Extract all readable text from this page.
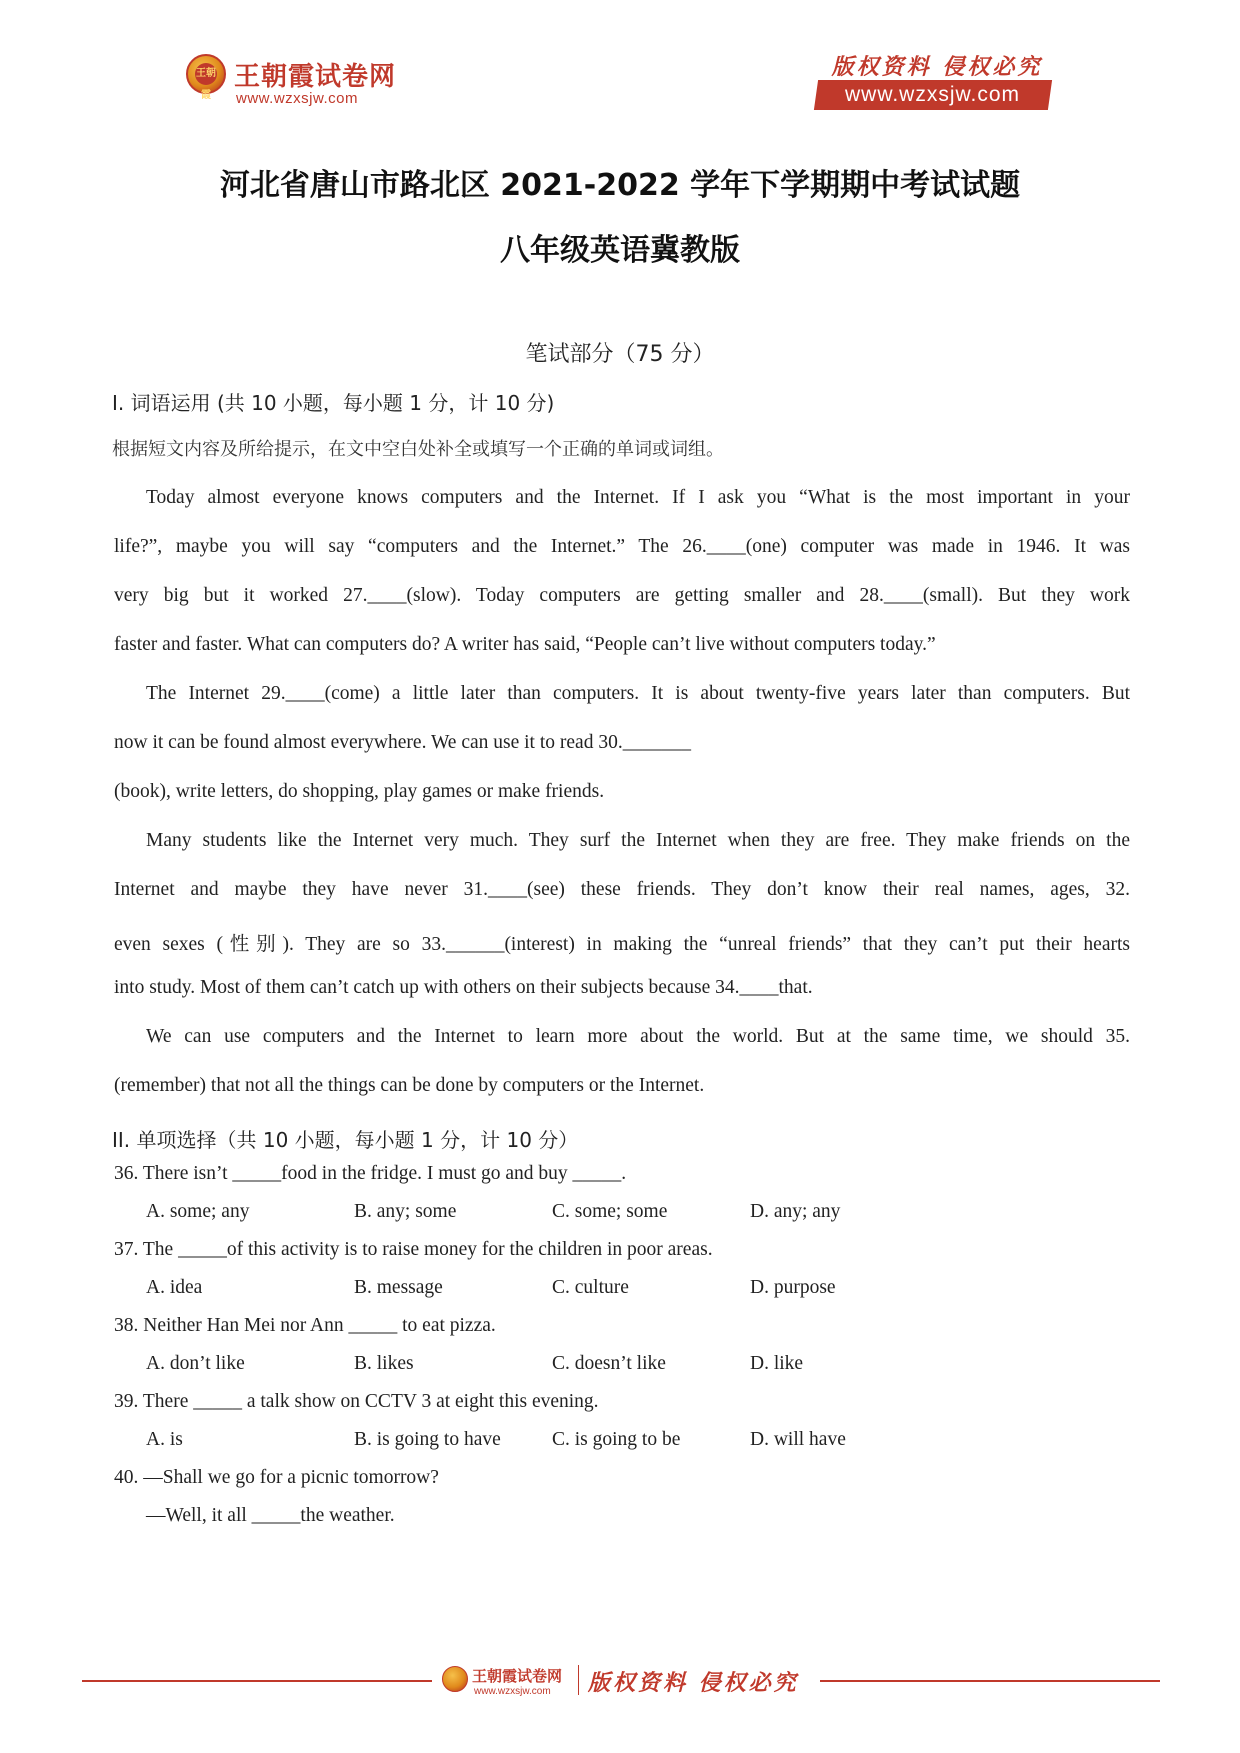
王朝霞
王朝霞试卷网
www.wzxsjw.com
版权资料 侵权必究
www.wzxsjw.com
河北省唐山市路北区 2021-2022 学年下学期期中考试试题
八年级英语冀教版
笔试部分（75 分）
I. 词语运用 (共 10 小题，每小题 1 分，计 10 分)
根据短文内容及所给提示，在文中空白处补全或填写一个正确的单词或词组。
Today almost everyone knows computers and the Internet. If I ask you “What is the most important in your
life?”, maybe you will say “computers and the Internet.” The 26.____(one) computer was made in 1946. It was
very big but it worked 27.____(slow). Today computers are getting smaller and 28.____(small). But they work
faster and faster. What can computers do? A writer has said, “People can’t live without computers today.”
The Internet 29.____(come) a little later than computers. It is about twenty-five years later than computers. But
now it can be found almost everywhere. We can use it to read 30._______
(book), write letters, do shopping, play games or make friends.
Many students like the Internet very much. They surf the Internet when they are free. They make friends on the
Internet and maybe they have never 31.____(see) these friends. They don’t know their real names, ages, 32.
even sexes (性别). They are so 33.______(interest) in making the “unreal friends” that they can’t put their hearts
into study. Most of them can’t catch up with others on their subjects because 34.____that.
We can use computers and the Internet to learn more about the world. But at the same time, we should 35.
(remember) that not all the things can be done by computers or the Internet.
II. 单项选择（共 10 小题，每小题 1 分，计 10 分）
36. There isn’t _____food in the fridge. I must go and buy _____.
A. some; any	B. any; some	C. some; some	D. any; any
37. The _____of this activity is to raise money for the children in poor areas.
A. idea	B. message	C. culture	D. purpose
38. Neither Han Mei nor Ann _____ to eat pizza.
A. don’t like	B. likes	C. doesn’t like	D. like
39. There _____ a talk show on CCTV 3 at eight this evening.
A. is	B. is going to have	C. is going to be	D. will have
40. —Shall we go for a picnic tomorrow?
—Well, it all _____the weather.
王朝霞试卷网
www.wzxsjw.com 版权资料 侵权必究
